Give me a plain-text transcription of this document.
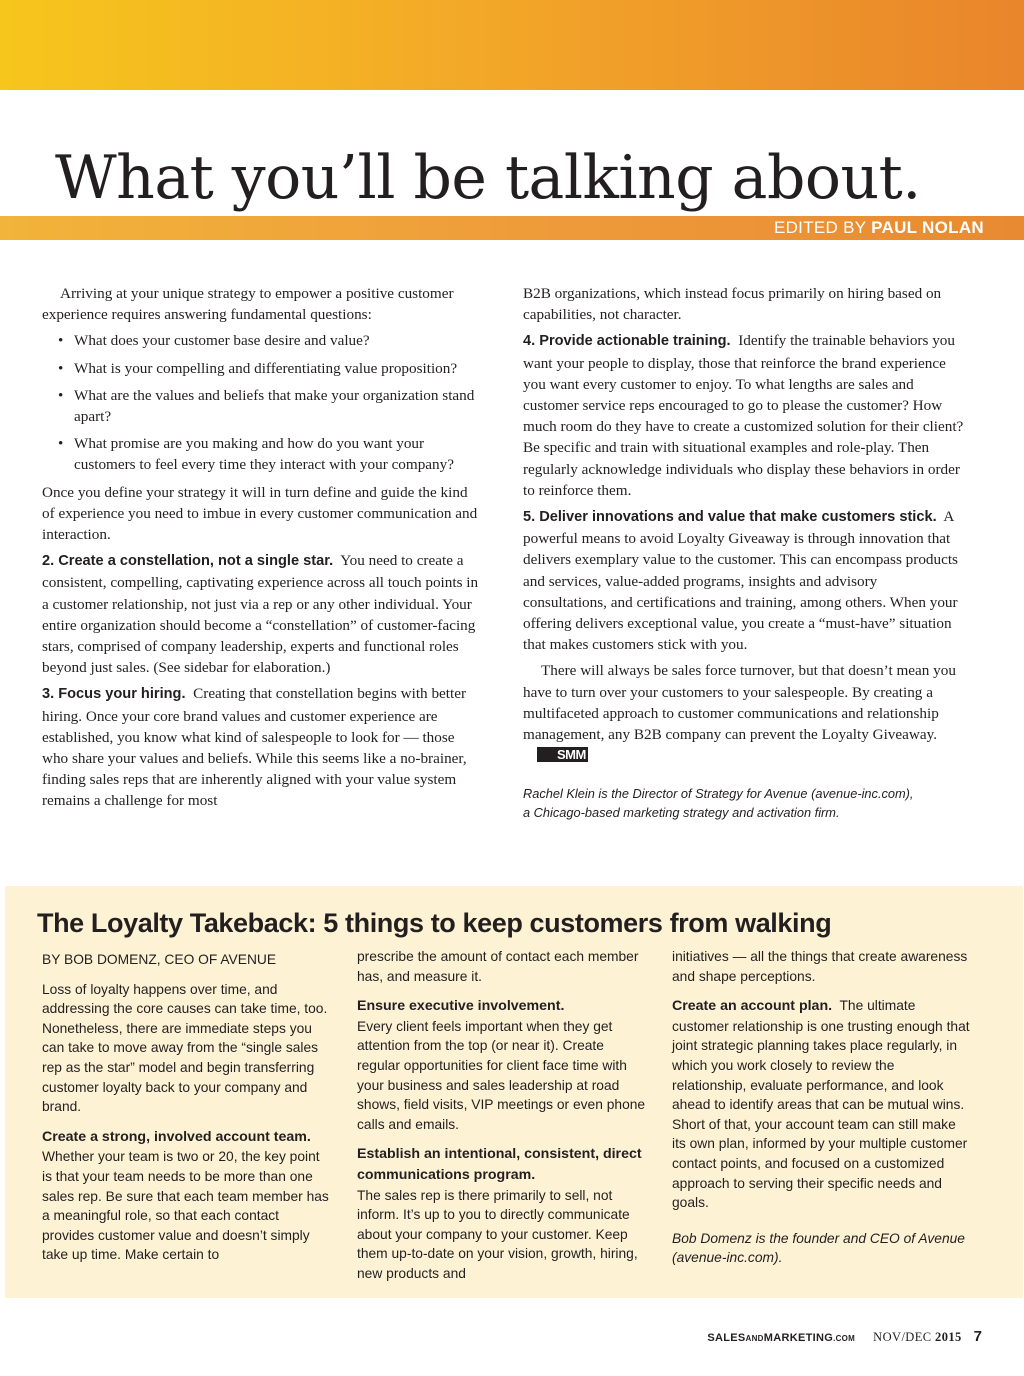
What you’ll be talking about.
EDITED BY PAUL NOLAN

Arriving at your unique strategy to empower a positive customer experience requires answering fundamental questions:

• What does your customer base desire and value?
• What is your compelling and differentiating value proposition?
• What are the values and beliefs that make your organization stand apart?
• What promise are you making and how do you want your customers to feel every time they interact with your company?

Once you define your strategy it will in turn define and guide the kind of experience you need to imbue in every customer communication and interaction.

2. Create a constellation, not a single star. You need to create a consistent, compelling, captivating experience across all touch points in a customer relationship, not just via a rep or any other individual. Your entire organization should become a “constellation” of customer-facing stars, comprised of company leadership, experts and functional roles beyond just sales. (See sidebar for elaboration.)

3. Focus your hiring. Creating that constellation begins with better hiring. Once your core brand values and customer experience are established, you know what kind of salespeople to look for — those who share your values and beliefs. While this seems like a no-brainer, finding sales reps that are inherently aligned with your value system remains a challenge for most

B2B organizations, which instead focus primarily on hiring based on capabilities, not character.

4. Provide actionable training. Identify the trainable behaviors you want your people to display, those that reinforce the brand experience you want every customer to enjoy. To what lengths are sales and customer service reps encouraged to go to please the customer? How much room do they have to create a customized solution for their client? Be specific and train with situational examples and role-play. Then regularly acknowledge individuals who display these behaviors in order to reinforce them.

5. Deliver innovations and value that make customers stick. A powerful means to avoid Loyalty Giveaway is through innovation that delivers exemplary value to the customer. This can encompass products and services, value-added programs, insights and advisory consultations, and certifications and training, among others. When your offering delivers exceptional value, you create a “must-have” situation that makes customers stick with you.

There will always be sales force turnover, but that doesn’t mean you have to turn over your customers to your salespeople. By creating a multifaceted approach to customer communications and relationship management, any B2B company can prevent the Loyalty Giveaway.SMM

Rachel Klein is the Director of Strategy for Avenue (avenue-inc.com),
a Chicago-based marketing strategy and activation firm.
The Loyalty Takeback: 5 things to keep customers from walking

BY BOB DOMENZ, CEO OF AVENUE

Loss of loyalty happens over time, and addressing the core causes can take time, too. Nonetheless, there are immediate steps you can take to move away from the “single sales rep as the star” model and begin transferring customer loyalty back to your company and brand.

Create a strong, involved account team.
Whether your team is two or 20, the key point is that your team needs to be more than one sales rep. Be sure that each team member has a meaningful role, so that each contact provides customer value and doesn’t simply take up time. Make certain to

prescribe the amount of contact each member has, and measure it.

Ensure executive involvement.
Every client feels important when they get attention from the top (or near it). Create regular opportunities for client face time with your business and sales leadership at road shows, field visits, VIP meetings or even phone calls and emails.

Establish an intentional, consistent, direct communications program.
The sales rep is there primarily to sell, not inform. It’s up to you to directly communicate about your company to your customer. Keep them up-to-date on your vision, growth, hiring, new products and

initiatives — all the things that create awareness and shape perceptions.

Create an account plan. The ultimate customer relationship is one trusting enough that joint strategic planning takes place regularly, in which you work closely to review the relationship, evaluate performance, and look ahead to identify areas that can be mutual wins. Short of that, your account team can still make its own plan, informed by your multiple customer contact points, and focused on a customized approach to serving their specific needs and goals.

Bob Domenz is the founder and CEO of Avenue (avenue-inc.com).

SALESANDMARKETING.COM NOV/DEC 2015 7
